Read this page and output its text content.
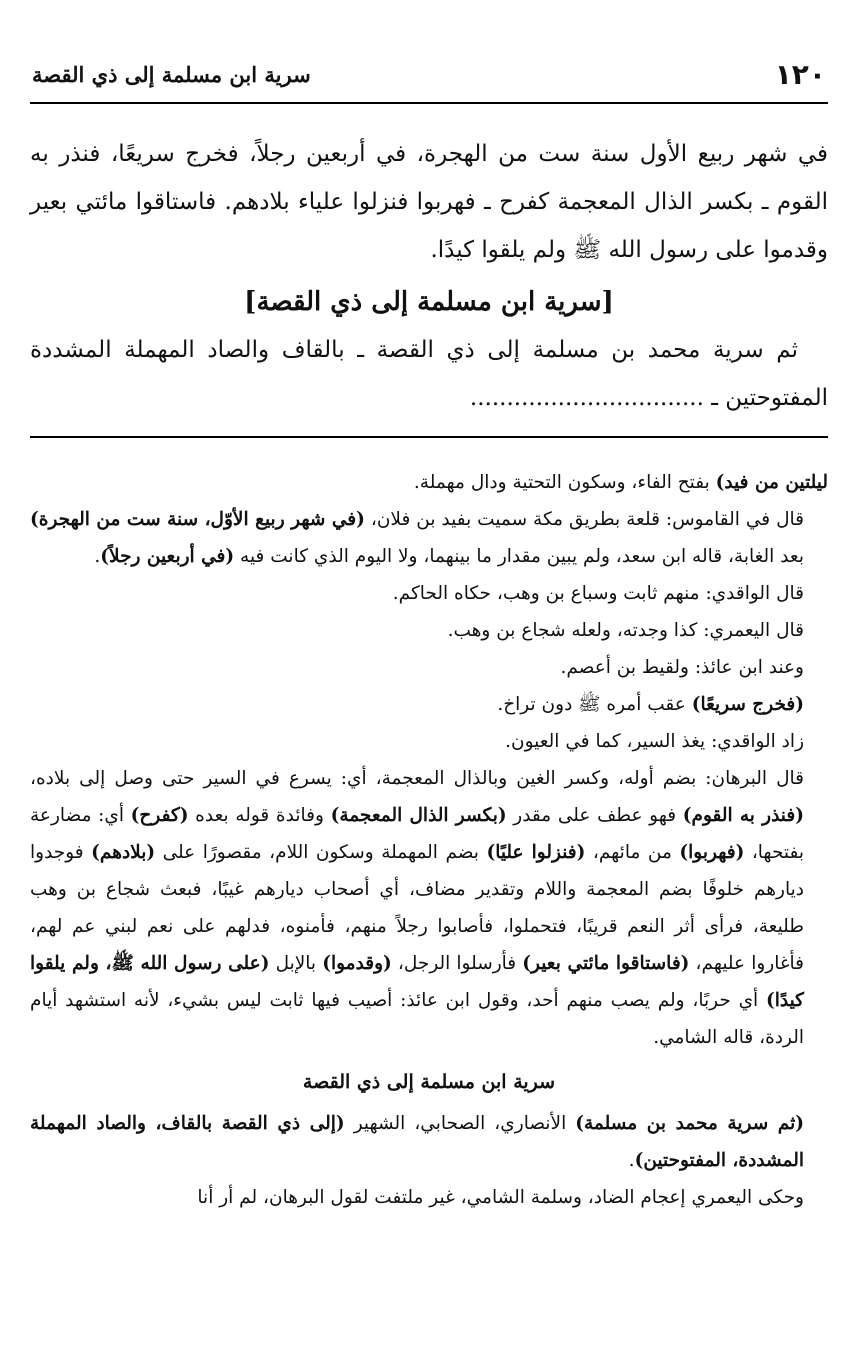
١٢٠
سرية ابن مسلمة إلى ذي القصة

في شهر ربيع الأول سنة ست من الهجرة، في أربعين رجلاً، فخرج سريعًا، فنذر به القوم ـ بكسر الذال المعجمة كفرح ـ فهربوا فنزلوا علياء بلادهم. فاستاقوا مائتي بعير وقدموا على رسول الله ﷺ ولم يلقوا كيدًا.

[سرية ابن مسلمة إلى ذي القصة]

ثم سرية محمد بن مسلمة إلى ذي القصة ـ بالقاف والصاد المهملة المشددة المفتوحتين ـ ................................

ليلتين من فيد) بفتح الفاء، وسكون التحتية ودال مهملة.

قال في القاموس: قلعة بطريق مكة سميت بفيد بن فلان، (في شهر ربيع الأوّل، سنة ست من الهجرة) بعد الغابة، قاله ابن سعد، ولم يبين مقدار ما بينهما، ولا اليوم الذي كانت فيه (في أربعين رجلاً).

قال الواقدي: منهم ثابت وسباع بن وهب، حكاه الحاكم.

قال اليعمري: كذا وجدته، ولعله شجاع بن وهب.

وعند ابن عائذ: ولقيط بن أعصم.

(فخرج سريعًا) عقب أمره ﷺ دون تراخ.

زاد الواقدي: يغذ السير، كما في العيون.

قال البرهان: بضم أوله، وكسر الغين وبالذال المعجمة، أي: يسرع في السير حتى وصل إلى بلاده، (فنذر به القوم) فهو عطف على مقدر (بكسر الذال المعجمة) وفائدة قوله بعده (كفرح) أي: مضارعة بفتحها، (فهربوا) من مائهم، (فنزلوا عليًا) بضم المهملة وسكون اللام، مقصورًا على (بلادهم) فوجدوا ديارهم خلوفًا بضم المعجمة واللام وتقدير مضاف، أي أصحاب ديارهم غيبًا، فبعث شجاع بن وهب طليعة، فرأى أثر النعم قريبًا، فتحملوا، فأصابوا رجلاً منهم، فأمنوه، فدلهم على نعم لبني عم لهم، فأغاروا عليهم، (فاستاقوا مائتي بعير) فأرسلوا الرجل، (وقدموا) بالإبل (على رسول الله ﷺ، ولم يلقوا كيدًا) أي حربًا، ولم يصب منهم أحد، وقول ابن عائذ: أصيب فيها ثابت ليس بشيء، لأنه استشهد أيام الردة، قاله الشامي.

سرية ابن مسلمة إلى ذي القصة

(ثم سرية محمد بن مسلمة) الأنصاري، الصحابي، الشهير (إلى ذي القصة بالقاف، والصاد المهملة المشددة، المفتوحتين).

وحكى اليعمري إعجام الضاد، وسلمة الشامي، غير ملتفت لقول البرهان، لم أر أنا
